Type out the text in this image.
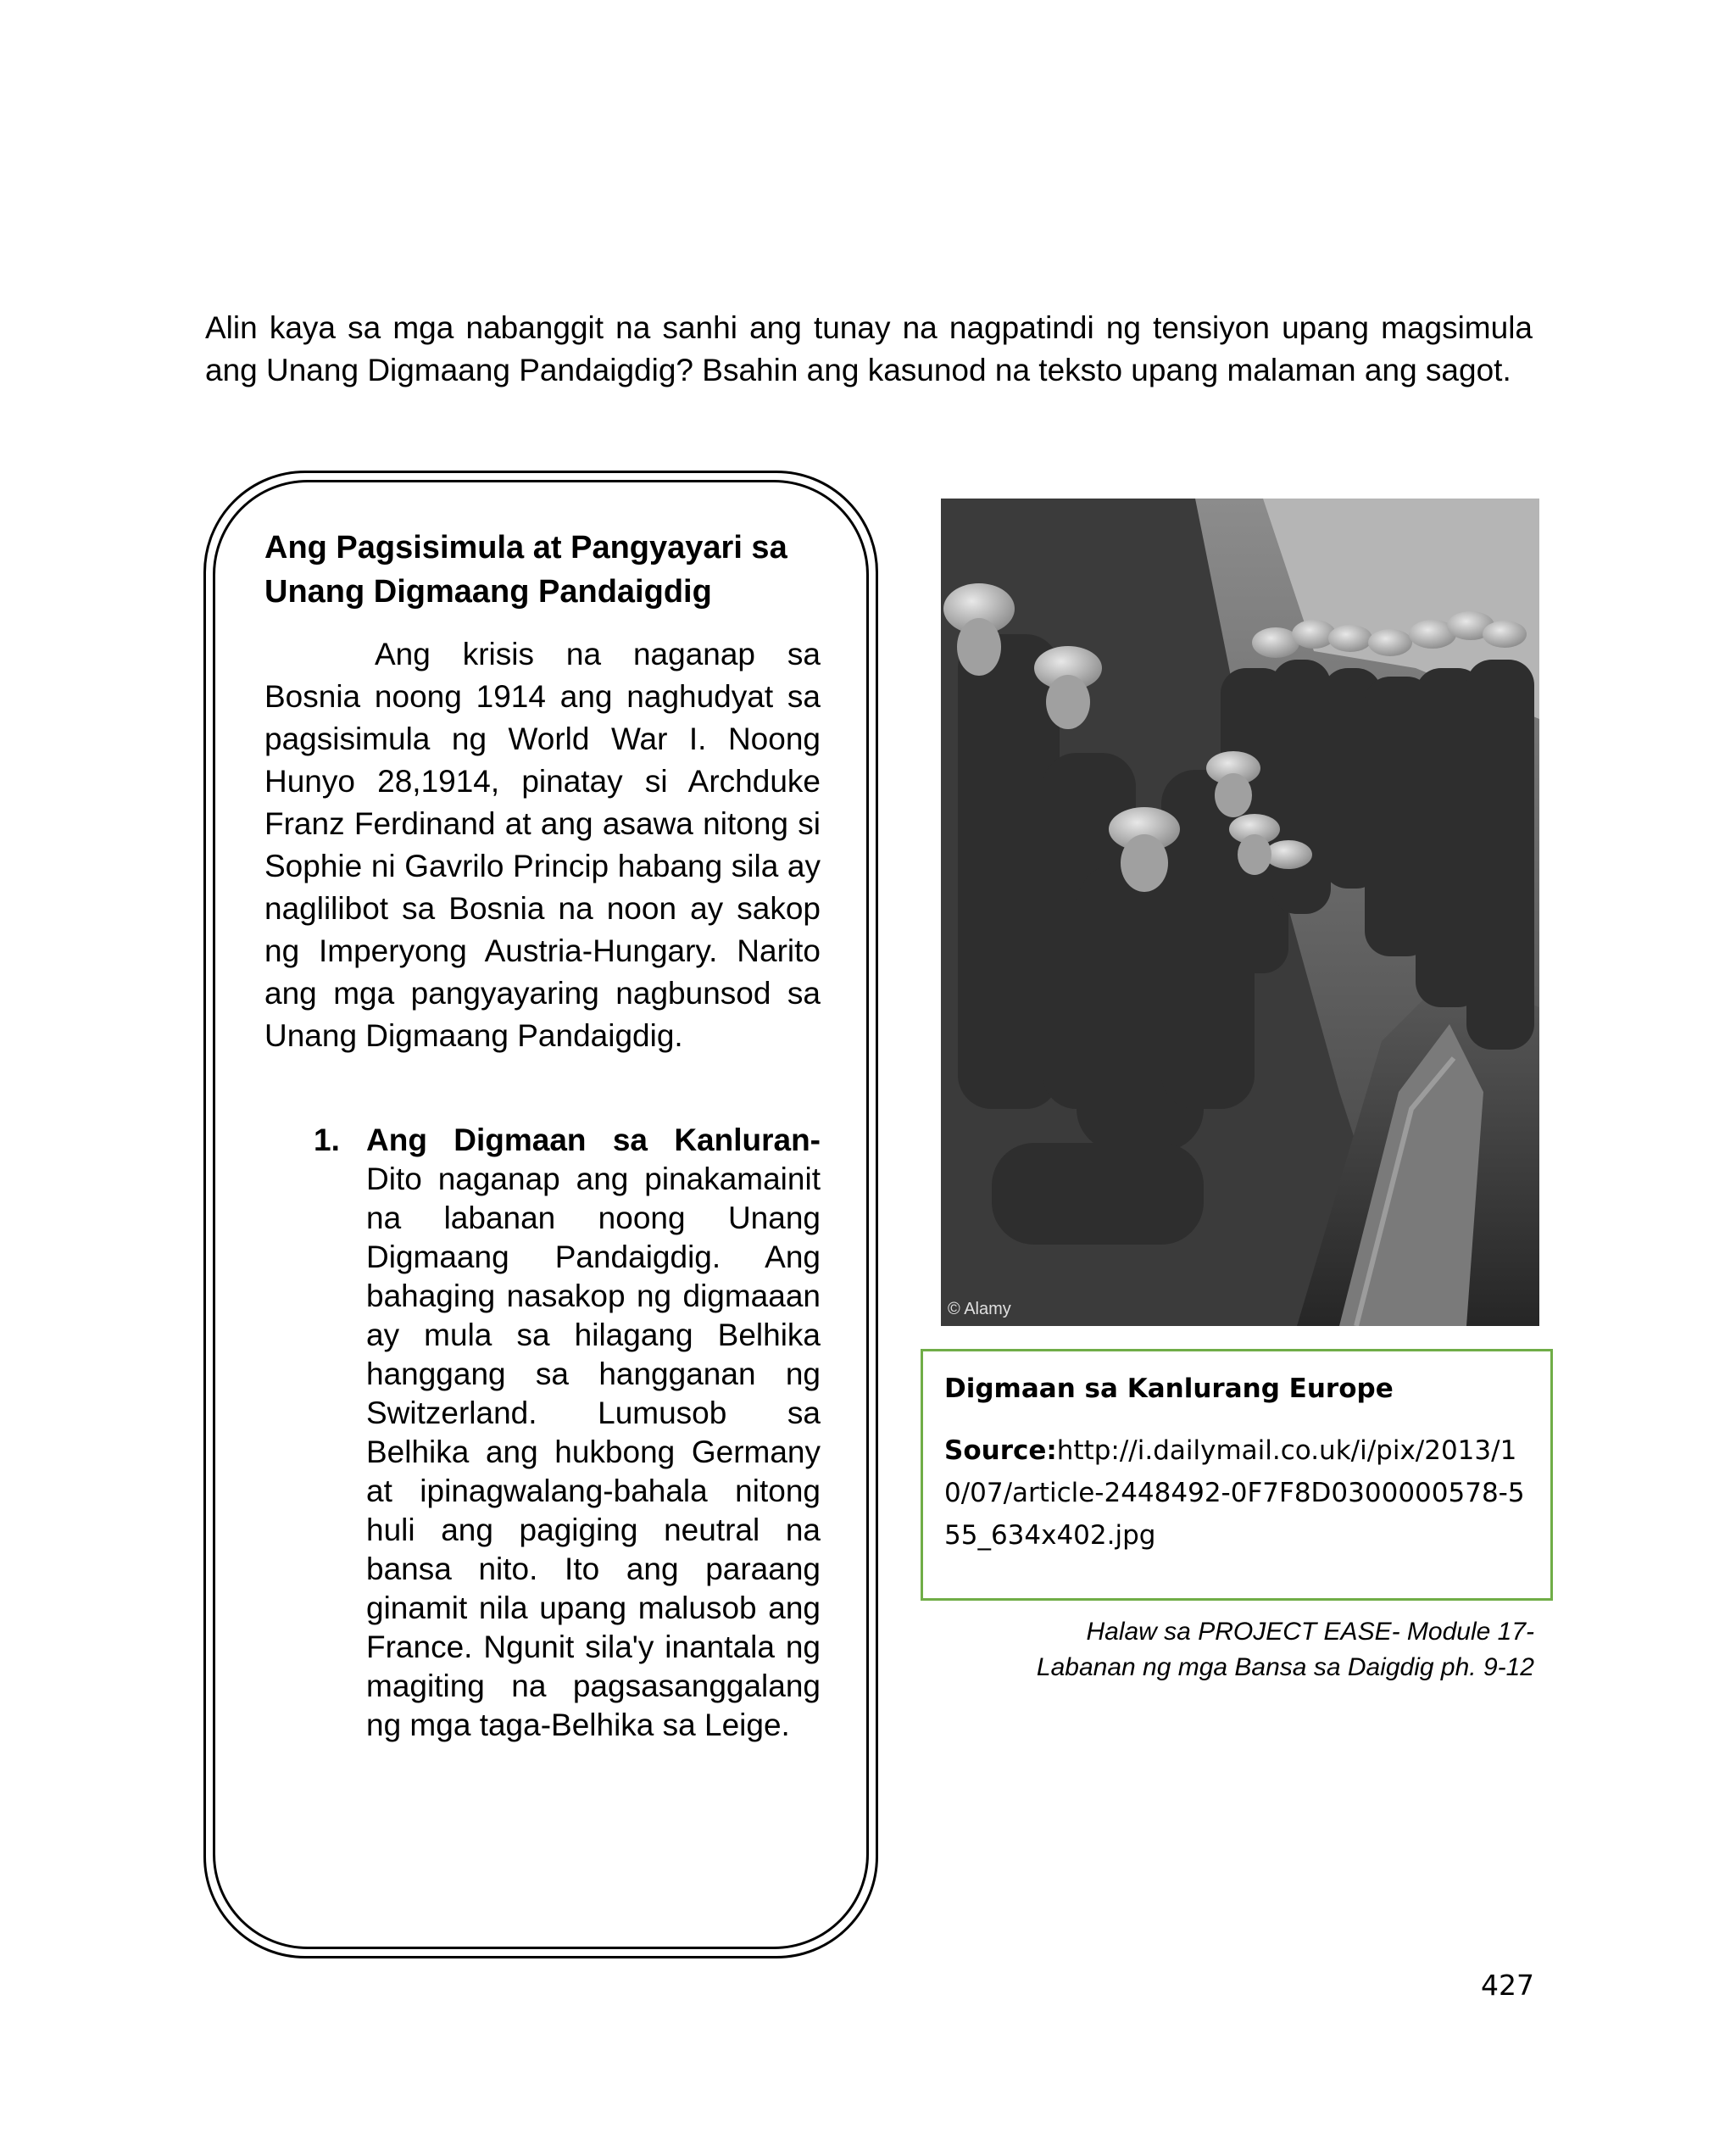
Alin kaya sa mga nabanggit na sanhi ang tunay na nagpatindi ng tensiyon upang magsimula ang Unang Digmaang Pandaigdig? Bsahin ang kasunod na teksto upang malaman ang sagot.

Ang Pagsisimula at Pangyayari sa Unang Digmaang Pandaigdig

Ang krisis na naganap sa Bosnia noong 1914 ang naghudyat sa pagsisimula ng World War I. Noong Hunyo 28,1914, pinatay si Archduke Franz Ferdinand at ang asawa nitong si Sophie ni Gavrilo Princip habang sila ay naglilibot sa Bosnia na noon ay sakop ng Imperyong Austria-Hungary. Narito ang mga pangyayaring nagbunsod sa Unang Digmaang Pandaigdig.

1. Ang Digmaan sa Kanluran- Dito naganap ang pinakamainit na labanan noong Unang Digmaang Pandaigdig. Ang bahaging nasakop ng digmaaan ay mula sa hilagang Belhika hanggang sa hangganan ng Switzerland. Lumusob sa Belhika ang hukbong Germany at ipinagwalang-bahala nitong huli ang pagiging neutral na bansa nito. Ito ang paraang ginamit nila upang malusob ang France. Ngunit sila'y inantala ng magiting na pagsasanggalang ng mga taga-Belhika sa Leige.

© Alamy
Digmaan sa Kanlurang Europe

Source:http://i.dailymail.co.uk/i/pix/2013/10/07/article-2448492-0F7F8D0300000578-555_634x402.jpg

Halaw sa PROJECT EASE- Module 17-
Labanan ng mga Bansa sa Daigdig ph. 9-12

427
